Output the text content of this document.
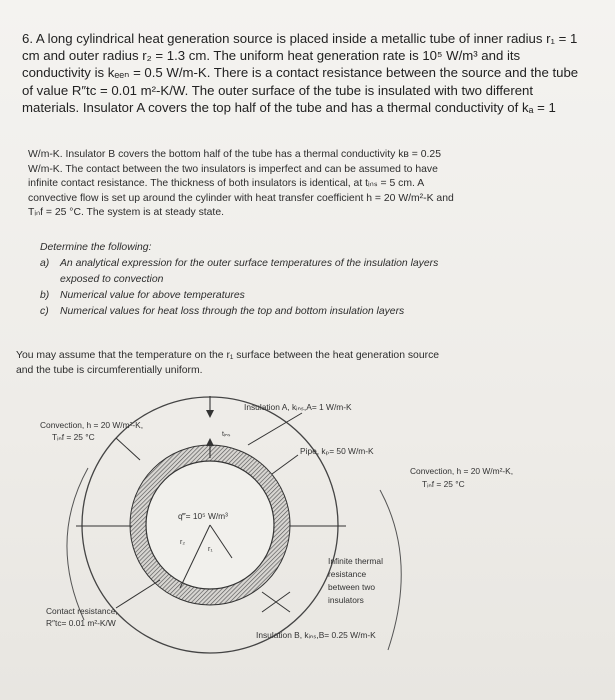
6. A long cylindrical heat generation source is placed inside a metallic tube of inner radius r₁ = 1
cm and outer radius r₂ = 1.3 cm. The uniform heat generation rate is 10⁵ W/m³ and its
conductivity is kₑₑₙ = 0.5 W/m-K. There is a contact resistance between the source and the tube
of value R″tc = 0.01 m²-K/W. The outer surface of the tube is insulated with two different
materials. Insulator A covers the top half of the tube and has a thermal conductivity of kₐ = 1
W/m-K. Insulator B covers the bottom half of the tube has a thermal conductivity kʙ = 0.25
W/m-K. The contact between the two insulators is imperfect and can be assumed to have
infinite contact resistance. The thickness of both insulators is identical, at tᵢₙₛ = 5 cm. A
convective flow is set up around the cylinder with heat transfer coefficient h = 20 W/m²-K and
Tᵢₙf = 25 °C. The system is at steady state.
Determine the following:
a)	An analytical expression for the outer surface temperatures of the insulation layers
exposed to convection
b)	Numerical value for above temperatures
c)	Numerical values for heat loss through the top and bottom insulation layers
You may assume that the temperature on the r₁ surface between the heat generation source
and the tube is circumferentially uniform.
Insulation A, kᵢₙₛ,A= 1 W/m-K
tᵢₙₛ
Pipe, kₚ= 50 W/m-K
Convection, h = 20 W/m²-K,
Tᵢₙf = 25 °C
Convection, h = 20 W/m²-K,
Tᵢₙf = 25 °C
q‴= 10⁵ W/m³
r₂
r₁
Infinite thermal
resistance
between two
insulators
Contact resistance,
R″tc= 0.01 m²-K/W
Insulation B, kᵢₙₛ,B= 0.25 W/m-K
